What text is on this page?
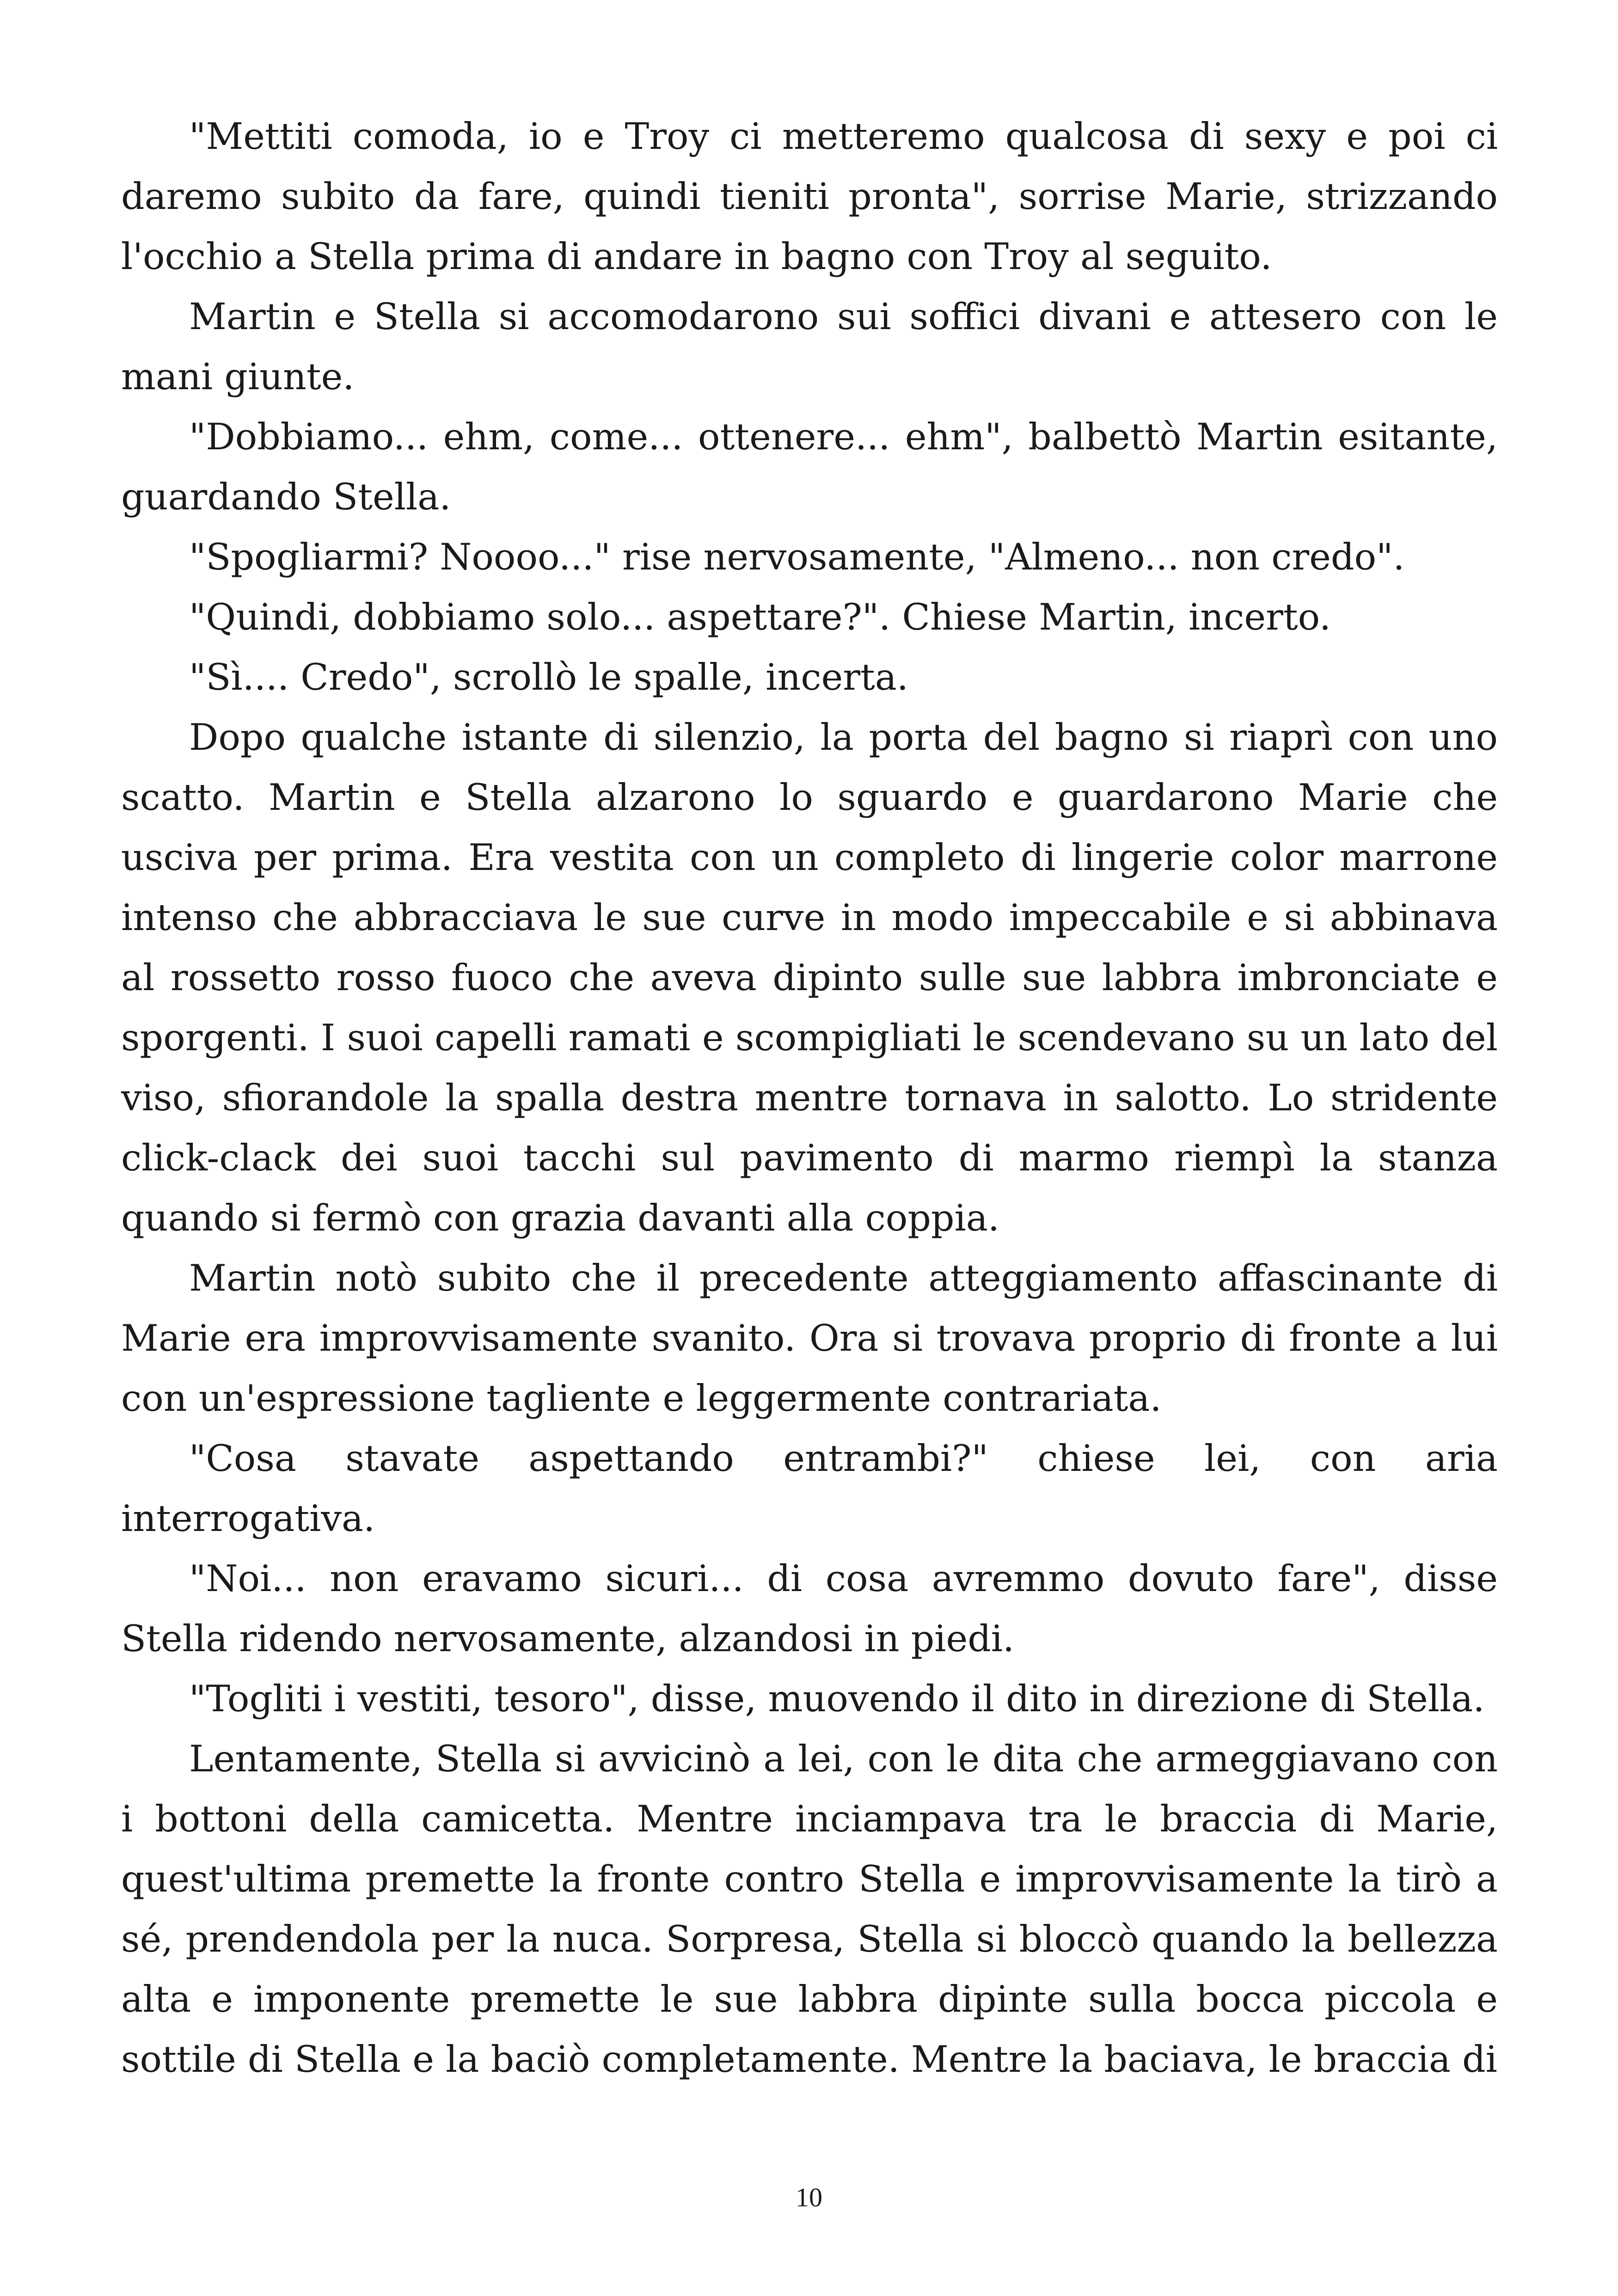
"Mettiti comoda, io e Troy ci metteremo qualcosa di sexy e poi ci daremo subito da fare, quindi tieniti pronta", sorrise Marie, strizzando l'occhio a Stella prima di andare in bagno con Troy al seguito.

Martin e Stella si accomodarono sui soffici divani e attesero con le mani giunte.

"Dobbiamo... ehm, come... ottenere... ehm", balbettò Martin esitante, guardando Stella.

"Spogliarmi? Noooo..." rise nervosamente, "Almeno... non credo".

"Quindi, dobbiamo solo... aspettare?". Chiese Martin, incerto.

"Sì.... Credo", scrollò le spalle, incerta.

Dopo qualche istante di silenzio, la porta del bagno si riaprì con uno scatto. Martin e Stella alzarono lo sguardo e guardarono Marie che usciva per prima. Era vestita con un completo di lingerie color marrone intenso che abbracciava le sue curve in modo impeccabile e si abbinava al rossetto rosso fuoco che aveva dipinto sulle sue labbra imbronciate e sporgenti. I suoi capelli ramati e scompigliati le scendevano su un lato del viso, sfiorandole la spalla destra mentre tornava in salotto. Lo stridente click-clack dei suoi tacchi sul pavimento di marmo riempì la stanza quando si fermò con grazia davanti alla coppia.

Martin notò subito che il precedente atteggiamento affascinante di Marie era improvvisamente svanito. Ora si trovava proprio di fronte a lui con un'espressione tagliente e leggermente contrariata.

"Cosa stavate aspettando entrambi?" chiese lei, con aria interrogativa.

"Noi... non eravamo sicuri... di cosa avremmo dovuto fare", disse Stella ridendo nervosamente, alzandosi in piedi.

"Togliti i vestiti, tesoro", disse, muovendo il dito in direzione di Stella.

Lentamente, Stella si avvicinò a lei, con le dita che armeggiavano con i bottoni della camicetta. Mentre inciampava tra le braccia di Marie, quest'ultima premette la fronte contro Stella e improvvisamente la tirò a sé, prendendola per la nuca. Sorpresa, Stella si bloccò quando la bellezza alta e imponente premette le sue labbra dipinte sulla bocca piccola e sottile di Stella e la baciò completamente. Mentre la baciava, le braccia di

10
